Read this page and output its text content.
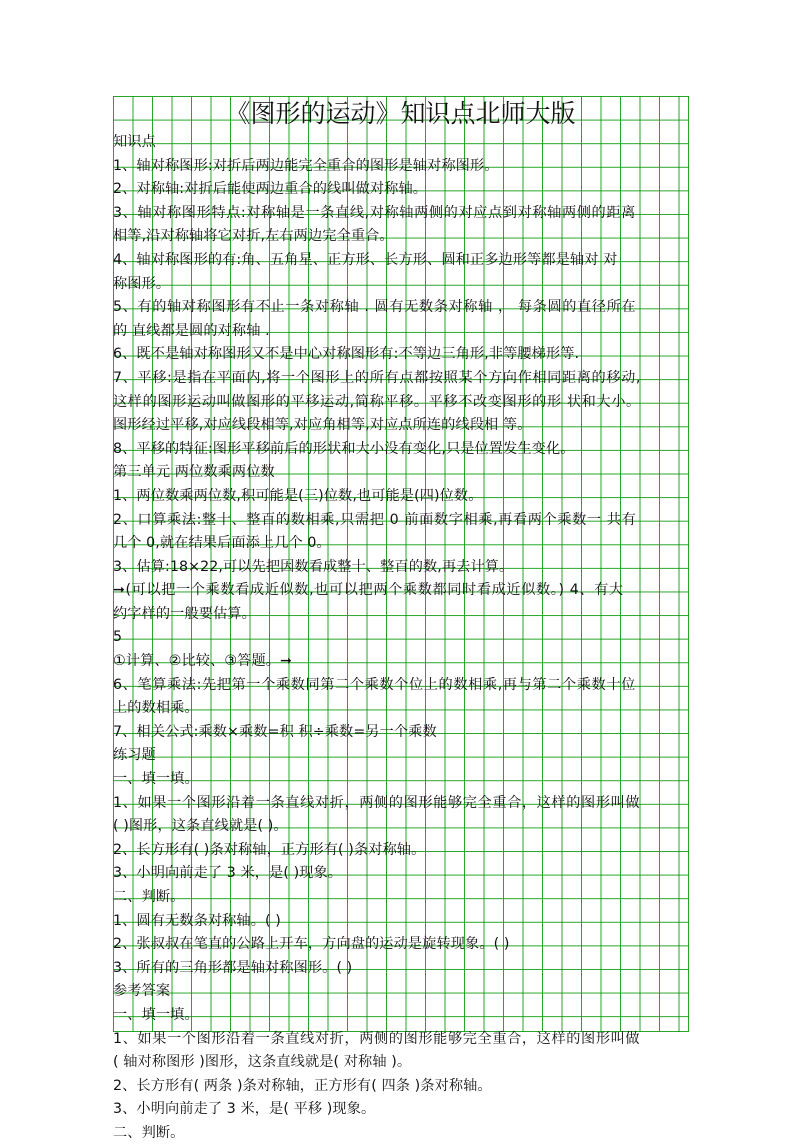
《图形的运动》知识点北师大版
知识点
1、轴对称图形:对折后两边能完全重合的图形是轴对称图形。
2、对称轴:对折后能使两边重合的线叫做对称轴。
3、轴对称图形特点:对称轴是一条直线,对称轴两侧的对应点到对称轴两侧的距离
相等,沿对称轴将它对折,左右两边完全重合。
4、轴对称图形的有:角、五角星、正方形、长方形、圆和正多边形等都是轴对 对
称图形。
5、有的轴对称图形有不止一条对称轴 . 圆有无数条对称轴 ， 每条圆的直径所在
的 直线都是圆的对称轴 .
6、既不是轴对称图形又不是中心对称图形有:不等边三角形,非等腰梯形等.
7、平移:是指在平面内,将一个图形上的所有点都按照某个方向作相同距离的移动,
这样的图形运动叫做图形的平移运动,简称平移。平移不改变图形的形 状和大小。
图形经过平移,对应线段相等,对应角相等,对应点所连的线段相 等。
8、平移的特征:图形平移前后的形状和大小没有变化,只是位置发生变化。
第三单元 两位数乘两位数
1、两位数乘两位数,积可能是(三)位数,也可能是(四)位数。
2、口算乘法:整十、整百的数相乘,只需把 0 前面数字相乘,再看两个乘数一 共有
几个 0,就在结果后面添上几个 0。
3、估算:18×22,可以先把因数看成整十、整百的数,再去计算。
➞(可以把一个乘数看成近似数,也可以把两个乘数都同时看成近似数。) 4、有大
约字样的一般要估算。
5
①计算、②比较、③答题。➞
6、笔算乘法:先把第一个乘数同第二个乘数个位上的数相乘,再与第二个乘数十位
上的数相乘。
7、相关公式:乘数×乘数=积 积÷乘数=另一个乘数
练习题
一、填一填。
1、如果一个图形沿着一条直线对折，两侧的图形能够完全重合，这样的图形叫做
( )图形，这条直线就是( )。
2、长方形有( )条对称轴，正方形有( )条对称轴。
3、小明向前走了 3 米，是( )现象。
二、判断。
1、圆有无数条对称轴。( )
2、张叔叔在笔直的公路上开车，方向盘的运动是旋转现象。( )
3、所有的三角形都是轴对称图形。( )
参考答案
一、填一填。
1、如果一个图形沿着一条直线对折，两侧的图形能够完全重合，这样的图形叫做
( 轴对称图形 )图形，这条直线就是( 对称轴 )。
2、长方形有( 两条 )条对称轴，正方形有( 四条 )条对称轴。
3、小明向前走了 3 米，是( 平移 )现象。
二、判断。
